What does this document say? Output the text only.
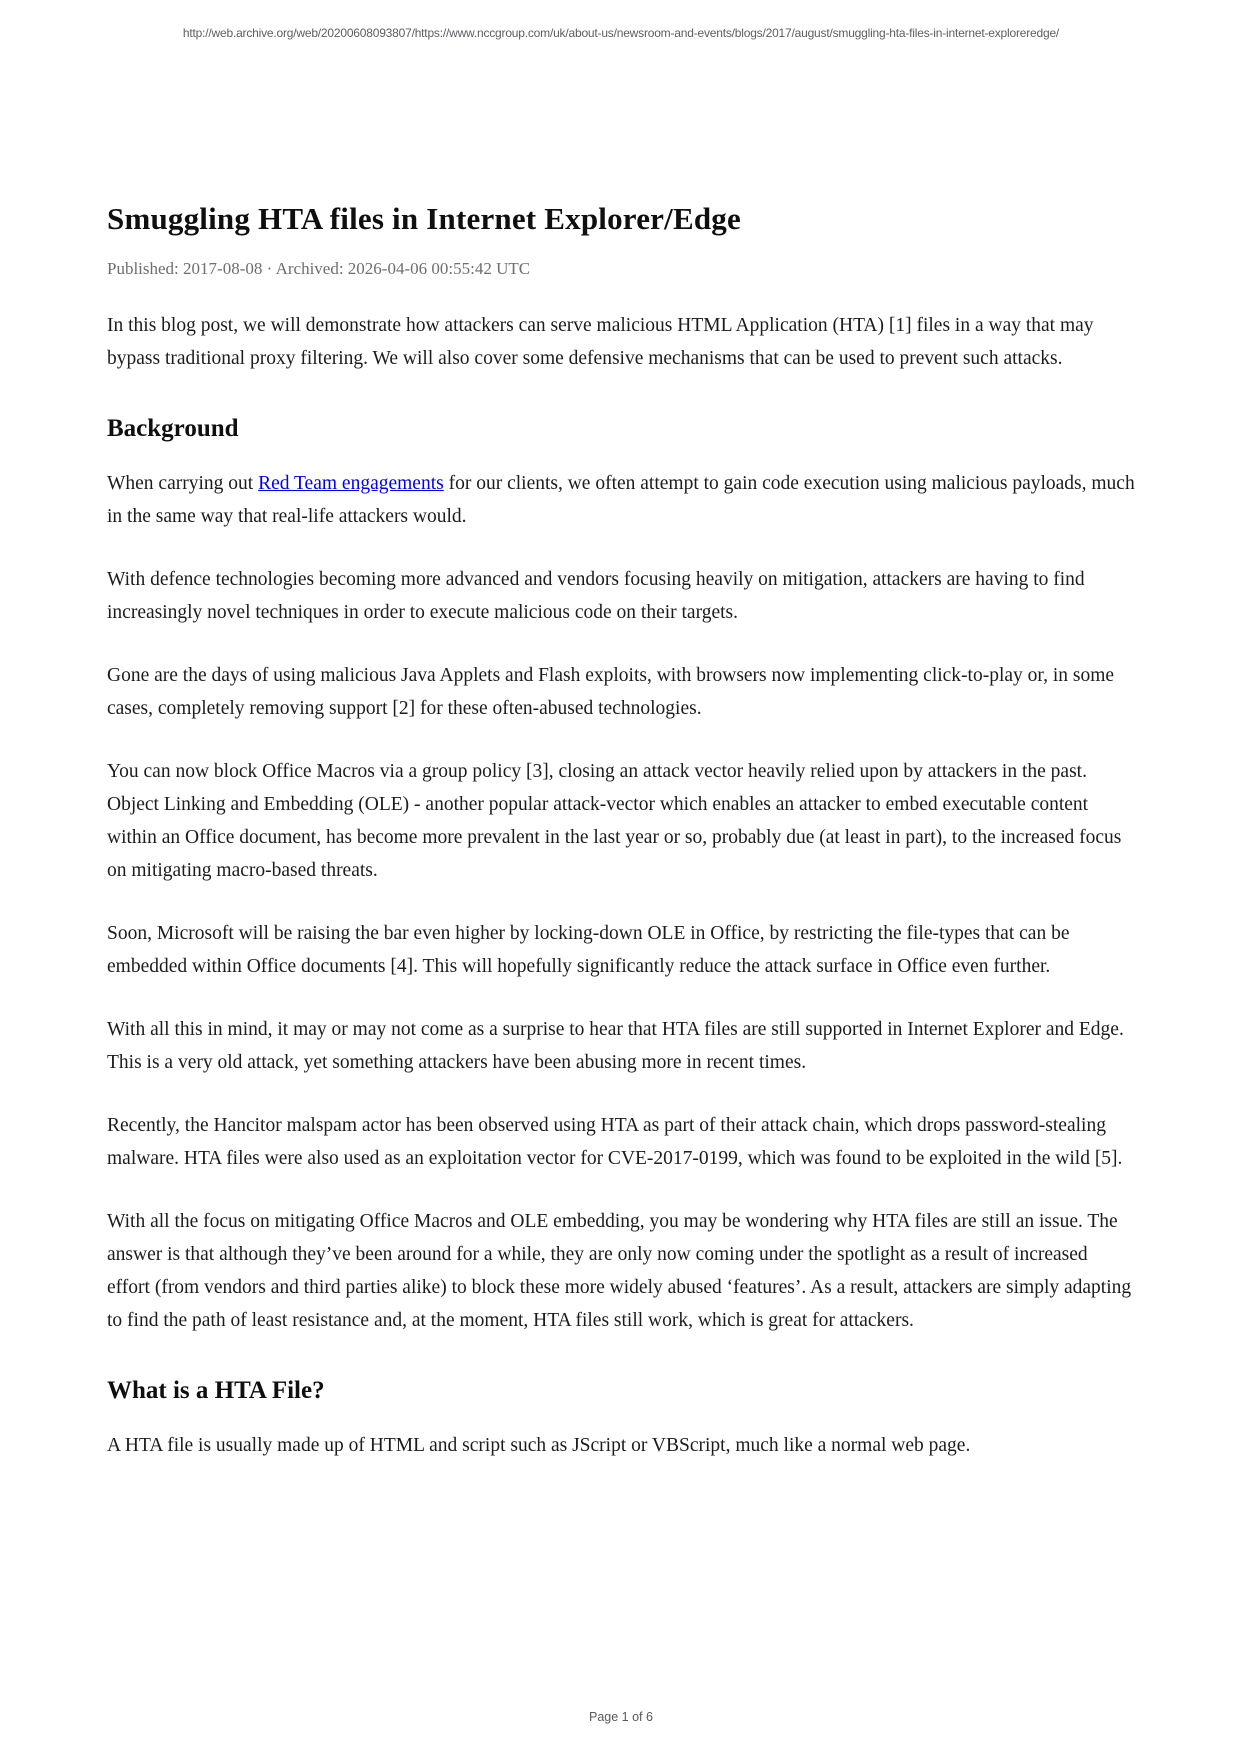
http://web.archive.org/web/20200608093807/https://www.nccgroup.com/uk/about-us/newsroom-and-events/blogs/2017/august/smuggling-hta-files-in-internet-exploreredge/
Smuggling HTA files in Internet Explorer/Edge

Published: 2017-08-08 · Archived: 2026-04-06 00:55:42 UTC

In this blog post, we will demonstrate how attackers can serve malicious HTML Application (HTA) [1] files in a way that may bypass traditional proxy filtering. We will also cover some defensive mechanisms that can be used to prevent such attacks.

Background

When carrying out Red Team engagements for our clients, we often attempt to gain code execution using malicious payloads, much in the same way that real-life attackers would.

With defence technologies becoming more advanced and vendors focusing heavily on mitigation, attackers are having to find increasingly novel techniques in order to execute malicious code on their targets.

Gone are the days of using malicious Java Applets and Flash exploits, with browsers now implementing click-to-play or, in some cases, completely removing support [2] for these often-abused technologies.

You can now block Office Macros via a group policy [3], closing an attack vector heavily relied upon by attackers in the past. Object Linking and Embedding (OLE) - another popular attack-vector which enables an attacker to embed executable content within an Office document, has become more prevalent in the last year or so, probably due (at least in part), to the increased focus on mitigating macro-based threats.

Soon, Microsoft will be raising the bar even higher by locking-down OLE in Office, by restricting the file-types that can be embedded within Office documents [4]. This will hopefully significantly reduce the attack surface in Office even further.

With all this in mind, it may or may not come as a surprise to hear that HTA files are still supported in Internet Explorer and Edge. This is a very old attack, yet something attackers have been abusing more in recent times.

Recently, the Hancitor malspam actor has been observed using HTA as part of their attack chain, which drops password-stealing malware. HTA files were also used as an exploitation vector for CVE-2017-0199, which was found to be exploited in the wild [5].

With all the focus on mitigating Office Macros and OLE embedding, you may be wondering why HTA files are still an issue. The answer is that although they’ve been around for a while, they are only now coming under the spotlight as a result of increased effort (from vendors and third parties alike) to block these more widely abused ‘features’. As a result, attackers are simply adapting to find the path of least resistance and, at the moment, HTA files still work, which is great for attackers.

What is a HTA File?

A HTA file is usually made up of HTML and script such as JScript or VBScript, much like a normal web page.

Page 1 of 6
